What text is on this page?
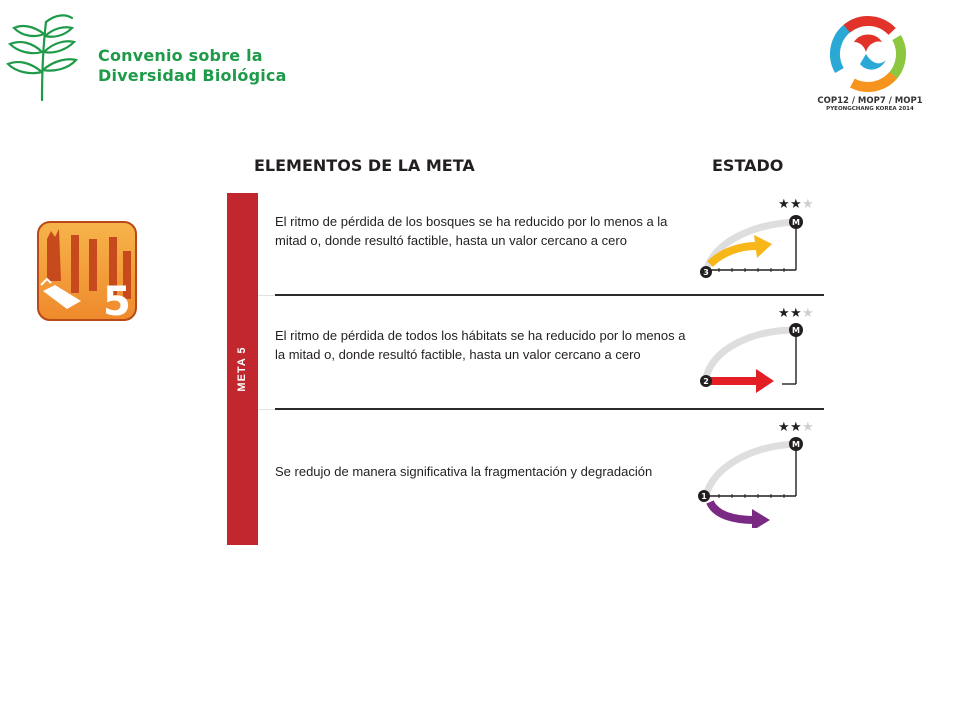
Convenio sobre la
Diversidad Biológica
COP12 / MOP7 / MOP1
PYEONGCHANG KOREA 2014
5
ELEMENTOS DE LA META	ESTADO
META 5
El ritmo de pérdida de los bosques se ha reducido por lo menos a la mitad o, donde resultó factible, hasta un valor cercano a cero
El ritmo de pérdida de todos los hábitats se ha reducido por lo menos a la mitad o, donde resultó factible, hasta un valor cercano a cero
Se redujo de manera significativa la fragmentación y degradación
★ ★ ★
M
3
★ ★ ★
M
2
★ ★ ★
M
1
